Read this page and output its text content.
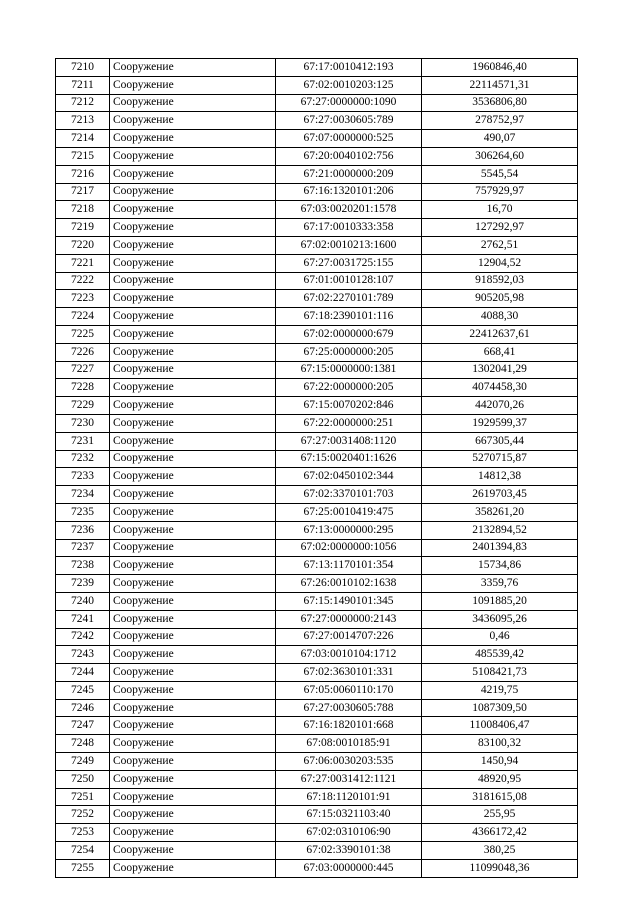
7210	Сооружение	67:17:0010412:193	1960846,40
7211	Сооружение	67:02:0010203:125	22114571,31
7212	Сооружение	67:27:0000000:1090	3536806,80
7213	Сооружение	67:27:0030605:789	278752,97
7214	Сооружение	67:07:0000000:525	490,07
7215	Сооружение	67:20:0040102:756	306264,60
7216	Сооружение	67:21:0000000:209	5545,54
7217	Сооружение	67:16:1320101:206	757929,97
7218	Сооружение	67:03:0020201:1578	16,70
7219	Сооружение	67:17:0010333:358	127292,97
7220	Сооружение	67:02:0010213:1600	2762,51
7221	Сооружение	67:27:0031725:155	12904,52
7222	Сооружение	67:01:0010128:107	918592,03
7223	Сооружение	67:02:2270101:789	905205,98
7224	Сооружение	67:18:2390101:116	4088,30
7225	Сооружение	67:02:0000000:679	22412637,61
7226	Сооружение	67:25:0000000:205	668,41
7227	Сооружение	67:15:0000000:1381	1302041,29
7228	Сооружение	67:22:0000000:205	4074458,30
7229	Сооружение	67:15:0070202:846	442070,26
7230	Сооружение	67:22:0000000:251	1929599,37
7231	Сооружение	67:27:0031408:1120	667305,44
7232	Сооружение	67:15:0020401:1626	5270715,87
7233	Сооружение	67:02:0450102:344	14812,38
7234	Сооружение	67:02:3370101:703	2619703,45
7235	Сооружение	67:25:0010419:475	358261,20
7236	Сооружение	67:13:0000000:295	2132894,52
7237	Сооружение	67:02:0000000:1056	2401394,83
7238	Сооружение	67:13:1170101:354	15734,86
7239	Сооружение	67:26:0010102:1638	3359,76
7240	Сооружение	67:15:1490101:345	1091885,20
7241	Сооружение	67:27:0000000:2143	3436095,26
7242	Сооружение	67:27:0014707:226	0,46
7243	Сооружение	67:03:0010104:1712	485539,42
7244	Сооружение	67:02:3630101:331	5108421,73
7245	Сооружение	67:05:0060110:170	4219,75
7246	Сооружение	67:27:0030605:788	1087309,50
7247	Сооружение	67:16:1820101:668	11008406,47
7248	Сооружение	67:08:0010185:91	83100,32
7249	Сооружение	67:06:0030203:535	1450,94
7250	Сооружение	67:27:0031412:1121	48920,95
7251	Сооружение	67:18:1120101:91	3181615,08
7252	Сооружение	67:15:0321103:40	255,95
7253	Сооружение	67:02:0310106:90	4366172,42
7254	Сооружение	67:02:3390101:38	380,25
7255	Сооружение	67:03:0000000:445	11099048,36
